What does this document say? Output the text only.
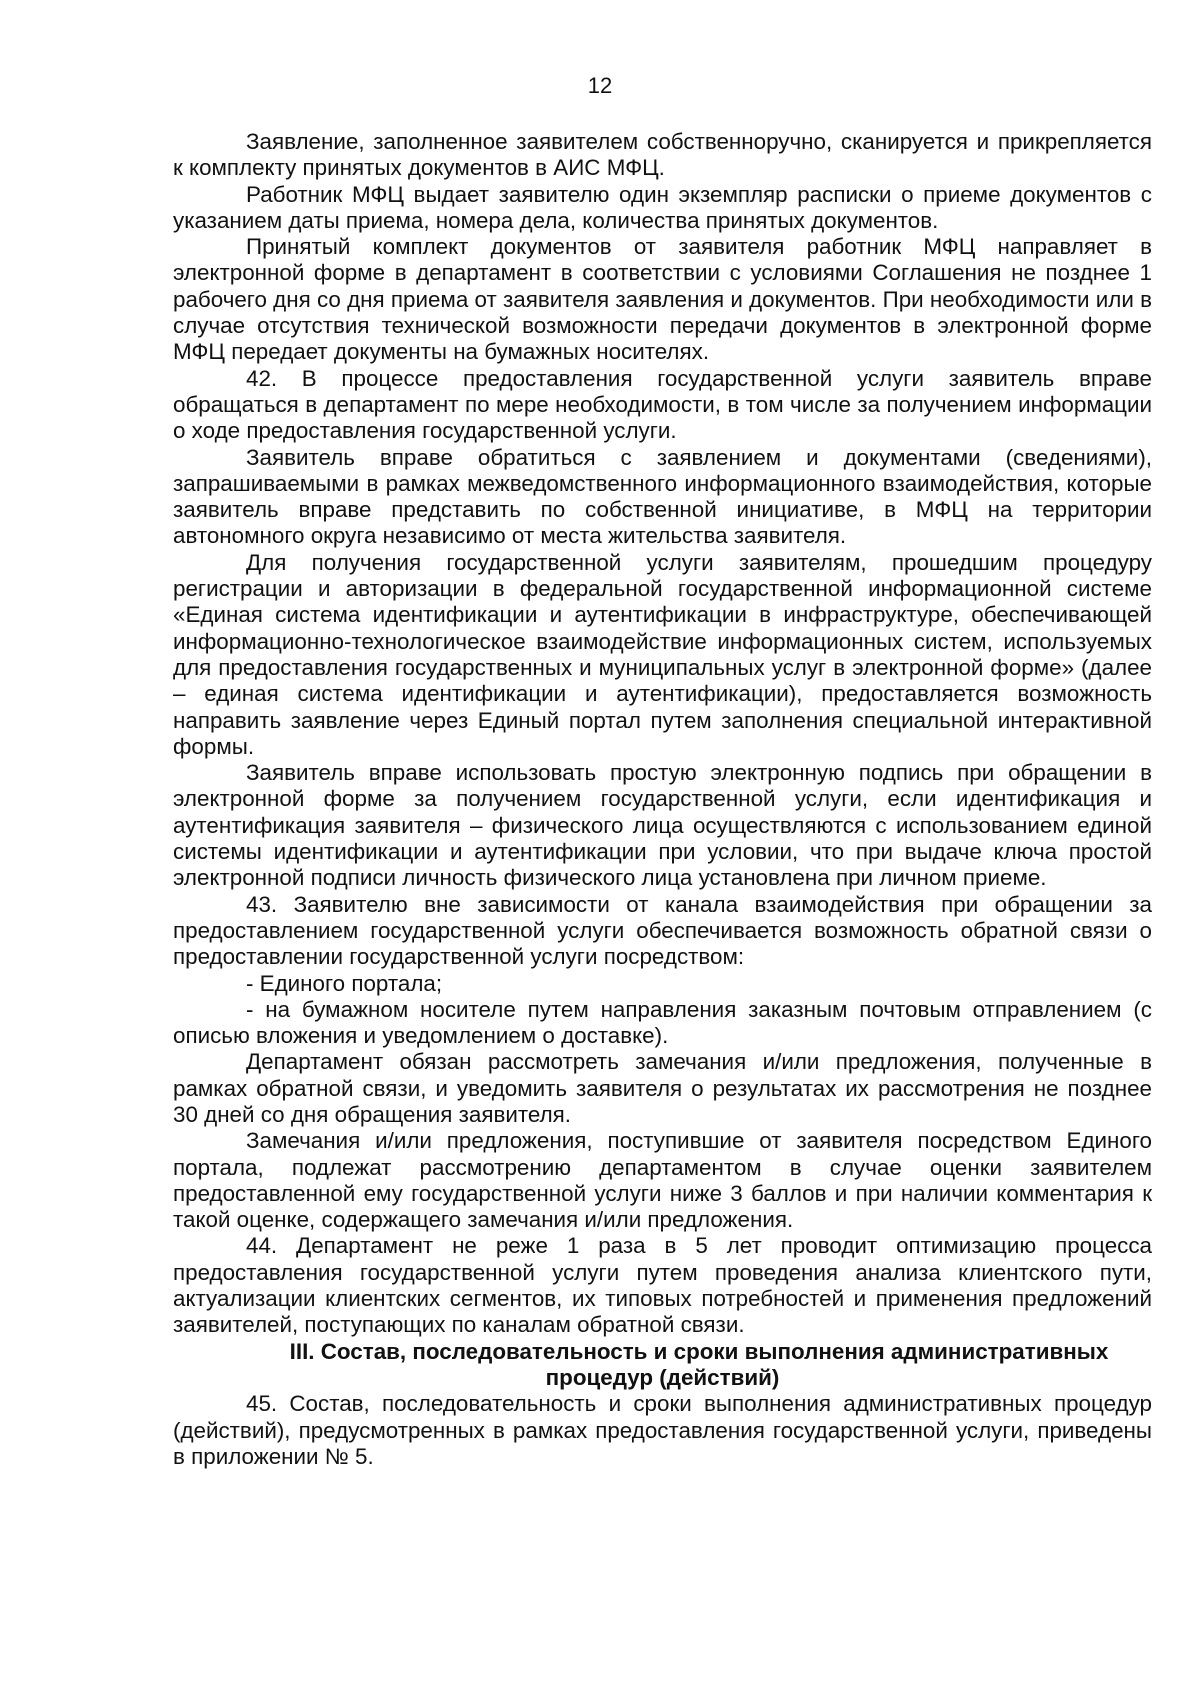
12

Заявление, заполненное заявителем собственноручно, сканируется и прикрепляется к комплекту принятых документов в АИС МФЦ.

Работник МФЦ выдает заявителю один экземпляр расписки о приеме документов с указанием даты приема, номера дела, количества принятых документов.

Принятый комплект документов от заявителя работник МФЦ направляет в электронной форме в департамент в соответствии с условиями Соглашения не позднее 1 рабочего дня со дня приема от заявителя заявления и документов. При необходимости или в случае отсутствия технической возможности передачи документов в электронной форме МФЦ передает документы на бумажных носителях.

42. В процессе предоставления государственной услуги заявитель вправе обращаться в департамент по мере необходимости, в том числе за получением информации о ходе предоставления государственной услуги.

Заявитель вправе обратиться с заявлением и документами (сведениями), запрашиваемыми в рамках межведомственного информационного взаимодействия, которые заявитель вправе представить по собственной инициативе, в МФЦ на территории автономного округа независимо от места жительства заявителя.

Для получения государственной услуги заявителям, прошедшим процедуру регистрации и авторизации в федеральной государственной информационной системе «Единая система идентификации и аутентификации в инфраструктуре, обеспечивающей информационно-технологическое взаимодействие информационных систем, используемых для предоставления государственных и муниципальных услуг в электронной форме» (далее – единая система идентификации и аутентификации), предоставляется возможность направить заявление через Единый портал путем заполнения специальной интерактивной формы.

Заявитель вправе использовать простую электронную подпись при обращении в электронной форме за получением государственной услуги, если идентификация и аутентификация заявителя – физического лица осуществляются с использованием единой системы идентификации и аутентификации при условии, что при выдаче ключа простой электронной подписи личность физического лица установлена при личном приеме.

43. Заявителю вне зависимости от канала взаимодействия при обращении за предоставлением государственной услуги обеспечивается возможность обратной связи о предоставлении государственной услуги посредством:

- Единого портала;

- на бумажном носителе путем направления заказным почтовым отправлением (с описью вложения и уведомлением о доставке).

Департамент обязан рассмотреть замечания и/или предложения, полученные в рамках обратной связи, и уведомить заявителя о результатах их рассмотрения не позднее 30 дней со дня обращения заявителя.

Замечания и/или предложения, поступившие от заявителя посредством Единого портала, подлежат рассмотрению департаментом в случае оценки заявителем предоставленной ему государственной услуги ниже 3 баллов и при наличии комментария к такой оценке, содержащего замечания и/или предложения.

44. Департамент не реже 1 раза в 5 лет проводит оптимизацию процесса предоставления государственной услуги путем проведения анализа клиентского пути, актуализации клиентских сегментов, их типовых потребностей и применения предложений заявителей, поступающих по каналам обратной связи.

III. Состав, последовательность и сроки выполнения административных процедур (действий)

45. Состав, последовательность и сроки выполнения административных процедур (действий), предусмотренных в рамках предоставления государственной услуги, приведены в приложении № 5.
